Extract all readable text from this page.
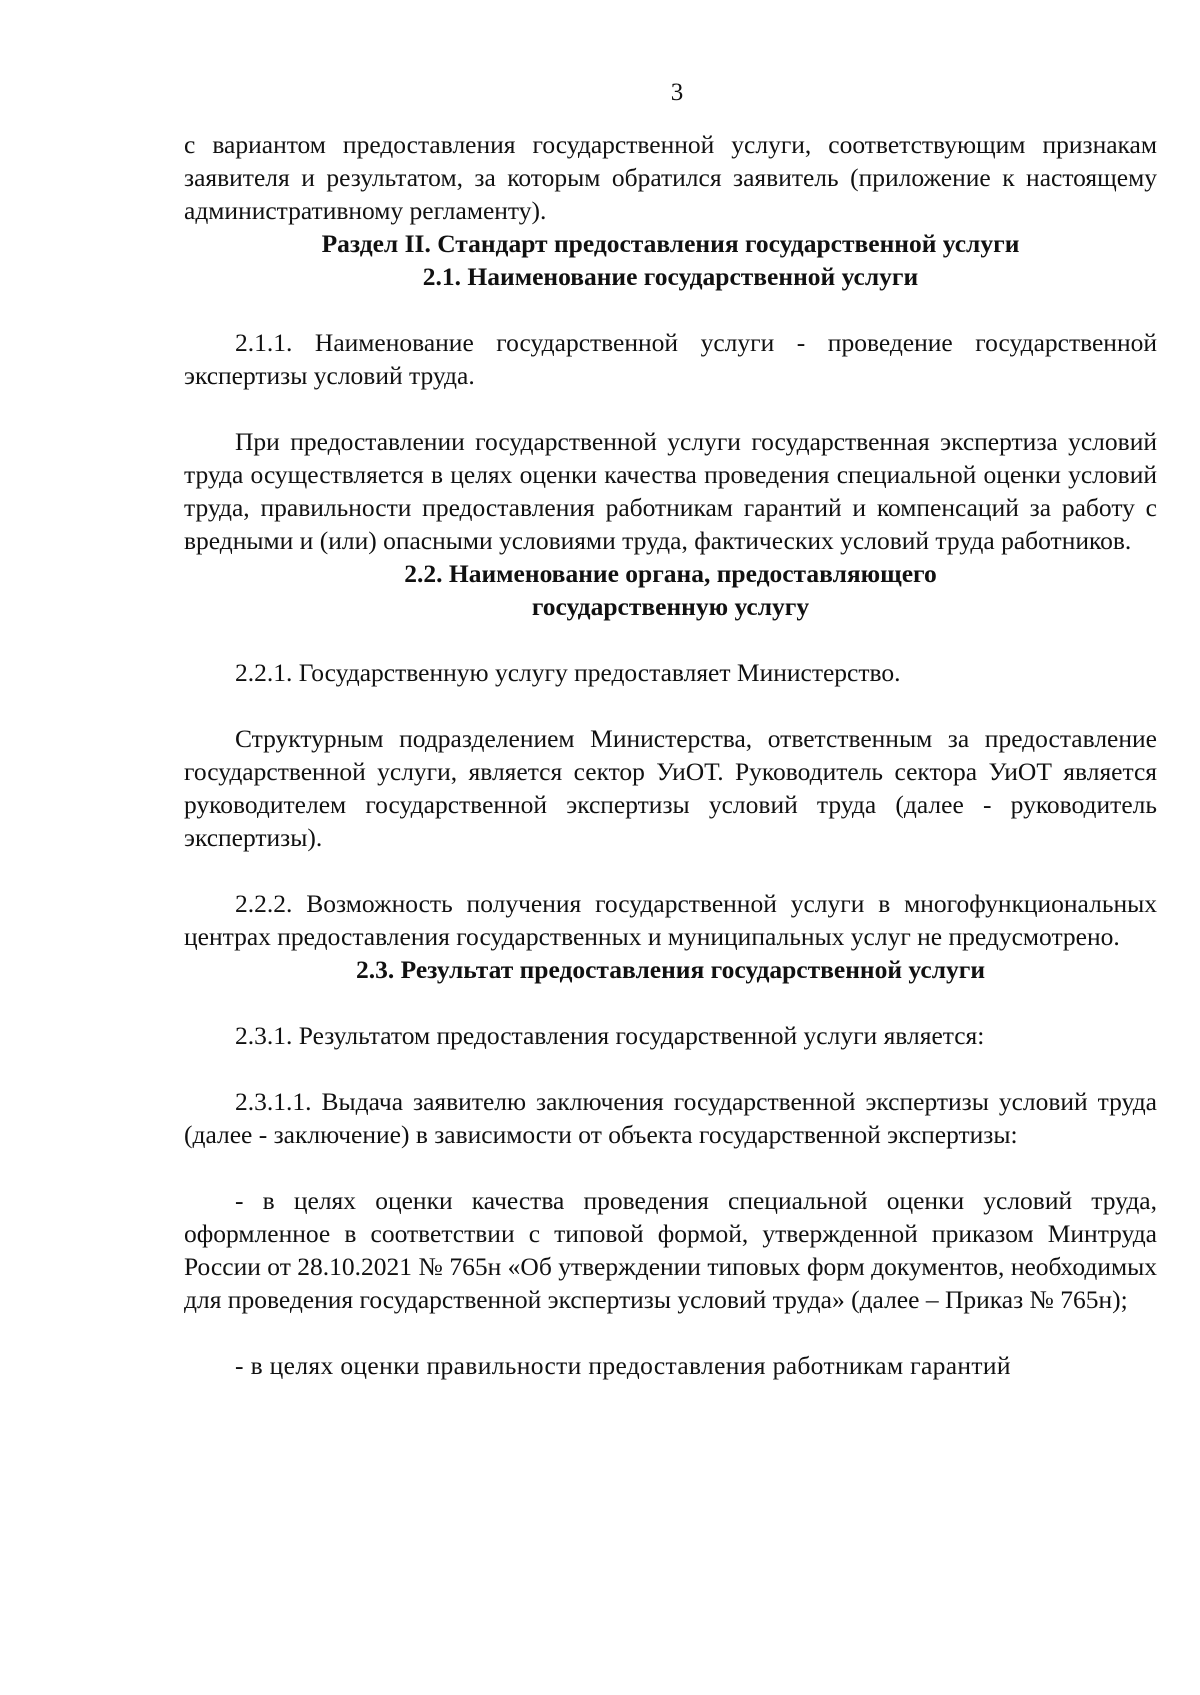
3

с вариантом предоставления государственной услуги, соответствующим признакам заявителя и результатом, за которым обратился заявитель (приложение к настоящему административному регламенту).

Раздел II. Стандарт предоставления государственной услуги
2.1. Наименование государственной услуги

2.1.1. Наименование государственной услуги - проведение государственной экспертизы условий труда.

При предоставлении государственной услуги государственная экспертиза условий труда осуществляется в целях оценки качества проведения специальной оценки условий труда, правильности предоставления работникам гарантий и компенсаций за работу с вредными и (или) опасными условиями труда, фактических условий труда работников.

2.2. Наименование органа, предоставляющего
государственную услугу

2.2.1. Государственную услугу предоставляет Министерство.

Структурным подразделением Министерства, ответственным за предоставление государственной услуги, является сектор УиОТ. Руководитель сектора УиОТ является руководителем государственной экспертизы условий труда (далее - руководитель экспертизы).

2.2.2. Возможность получения государственной услуги в многофункциональных центрах предоставления государственных и муниципальных услуг не предусмотрено.

2.3. Результат предоставления государственной услуги

2.3.1. Результатом предоставления государственной услуги является:

2.3.1.1. Выдача заявителю заключения государственной экспертизы условий труда (далее - заключение) в зависимости от объекта государственной экспертизы:

- в целях оценки качества проведения специальной оценки условий труда, оформленное в соответствии с типовой формой, утвержденной приказом Минтруда России от 28.10.2021 № 765н «Об утверждении типовых форм документов, необходимых для проведения государственной экспертизы условий труда» (далее – Приказ № 765н);

- в целях оценки правильности предоставления работникам гарантий
